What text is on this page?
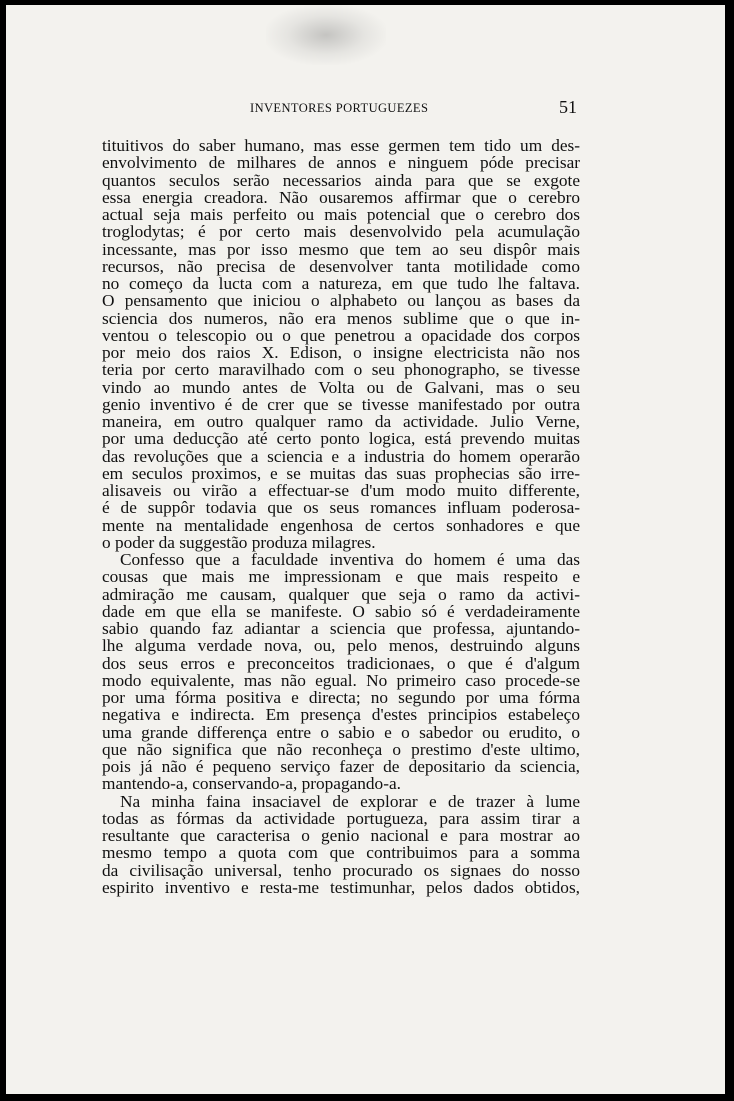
INVENTORES PORTUGUEZES	51
tituitivos do saber humano, mas esse germen tem tido um des-
envolvimento de milhares de annos e ninguem póde precisar
quantos seculos serão necessarios ainda para que se exgote
essa energia creadora. Não ousaremos affirmar que o cerebro
actual seja mais perfeito ou mais potencial que o cerebro dos
troglodytas; é por certo mais desenvolvido pela acumulação
incessante, mas por isso mesmo que tem ao seu dispôr mais
recursos, não precisa de desenvolver tanta motilidade como
no começo da lucta com a natureza, em que tudo lhe faltava.
O pensamento que iniciou o alphabeto ou lançou as bases da
sciencia dos numeros, não era menos sublime que o que in-
ventou o telescopio ou o que penetrou a opacidade dos corpos
por meio dos raios X. Edison, o insigne electricista não nos
teria por certo maravilhado com o seu phonographo, se tivesse
vindo ao mundo antes de Volta ou de Galvani, mas o seu
genio inventivo é de crer que se tivesse manifestado por outra
maneira, em outro qualquer ramo da actividade. Julio Verne,
por uma deducção até certo ponto logica, está prevendo muitas
das revoluções que a sciencia e a industria do homem operarão
em seculos proximos, e se muitas das suas prophecias são irre-
alisaveis ou virão a effectuar-se d'um modo muito differente,
é de suppôr todavia que os seus romances influam poderosa-
mente na mentalidade engenhosa de certos sonhadores e que
o poder da suggestão produza milagres.
Confesso que a faculdade inventiva do homem é uma das
cousas que mais me impressionam e que mais respeito e
admiração me causam, qualquer que seja o ramo da activi-
dade em que ella se manifeste. O sabio só é verdadeiramente
sabio quando faz adiantar a sciencia que professa, ajuntando-
lhe alguma verdade nova, ou, pelo menos, destruindo alguns
dos seus erros e preconceitos tradicionaes, o que é d'algum
modo equivalente, mas não egual. No primeiro caso procede-se
por uma fórma positiva e directa; no segundo por uma fórma
negativa e indirecta. Em presença d'estes principios estabeleço
uma grande differença entre o sabio e o sabedor ou erudito, o
que não significa que não reconheça o prestimo d'este ultimo,
pois já não é pequeno serviço fazer de depositario da sciencia,
mantendo-a, conservando-a, propagando-a.
Na minha faina insaciavel de explorar e de trazer à lume
todas as fórmas da actividade portugueza, para assim tirar a
resultante que caracterisa o genio nacional e para mostrar ao
mesmo tempo a quota com que contribuimos para a somma
da civilisação universal, tenho procurado os signaes do nosso
espirito inventivo e resta-me testimunhar, pelos dados obtidos,
